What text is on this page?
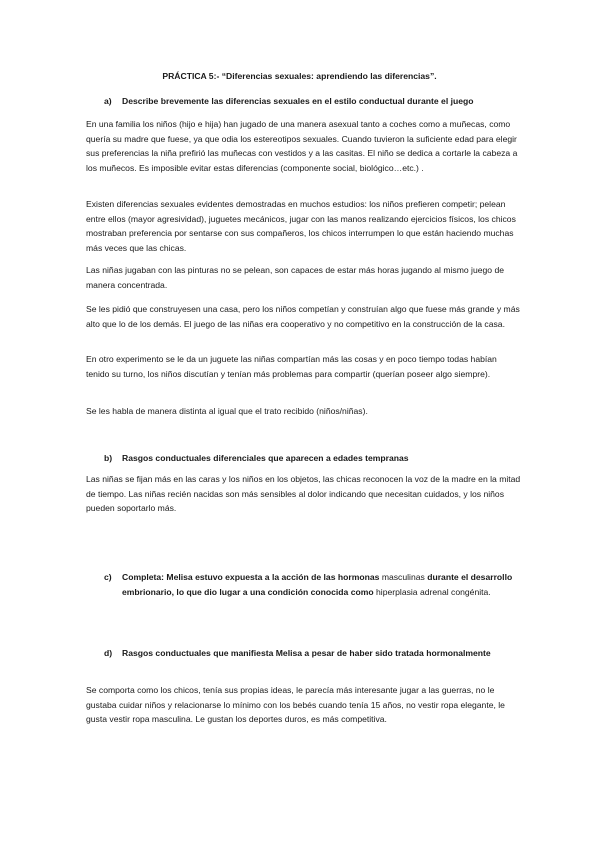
PRÁCTICA 5:- “Diferencias sexuales: aprendiendo las diferencias”.
a) Describe brevemente las diferencias sexuales en el estilo conductual durante el juego

En una familia los niños (hijo e hija) han jugado de una manera asexual tanto a coches como a muñecas, como quería su madre que fuese, ya que odia los estereotipos sexuales. Cuando tuvieron la suficiente edad para elegir sus preferencias la niña prefirió las muñecas con vestidos y a las casitas. El niño se dedica a cortarle la cabeza a los muñecos. Es imposible evitar estas diferencias (componente social, biológico…etc.) .

Existen diferencias sexuales evidentes demostradas en muchos estudios: los niños prefieren competir; pelean entre ellos (mayor agresividad), juguetes mecánicos, jugar con las manos realizando ejercicios físicos, los chicos mostraban preferencia por sentarse con sus compañeros, los chicos interrumpen lo que están haciendo muchas más veces que las chicas.

Las niñas jugaban con las pinturas no se pelean, son capaces de estar más horas jugando al mismo juego de manera concentrada.

Se les pidió que construyesen una casa, pero los niños competían y construían algo que fuese más grande y más alto que lo de los demás. El juego de las niñas era cooperativo y no competitivo en la construcción de la casa.

En otro experimento se le da un juguete las niñas compartían más las cosas y en poco tiempo todas habían tenido su turno, los niños discutían y tenían más problemas para compartir (querían poseer algo siempre).

Se les habla de manera distinta al igual que el trato recibido (niños/niñas).

b) Rasgos conductuales diferenciales que aparecen a edades tempranas

Las niñas se fijan más en las caras y los niños en los objetos, las chicas reconocen la voz de la madre en la mitad de tiempo. Las niñas recién nacidas son más sensibles al dolor indicando que necesitan cuidados, y los niños pueden soportarlo más.

c) Completa: Melisa estuvo expuesta a la acción de las hormonas masculinas durante el desarrollo embrionario, lo que dio lugar a una condición conocida como hiperplasia adrenal congénita.
d) Rasgos conductuales que manifiesta Melisa a pesar de haber sido tratada hormonalmente

Se comporta como los chicos, tenía sus propias ideas, le parecía más interesante jugar a las guerras, no le gustaba cuidar niños y relacionarse lo mínimo con los bebés cuando tenía 15 años, no vestir ropa elegante, le gusta vestir ropa masculina. Le gustan los deportes duros, es más competitiva.
